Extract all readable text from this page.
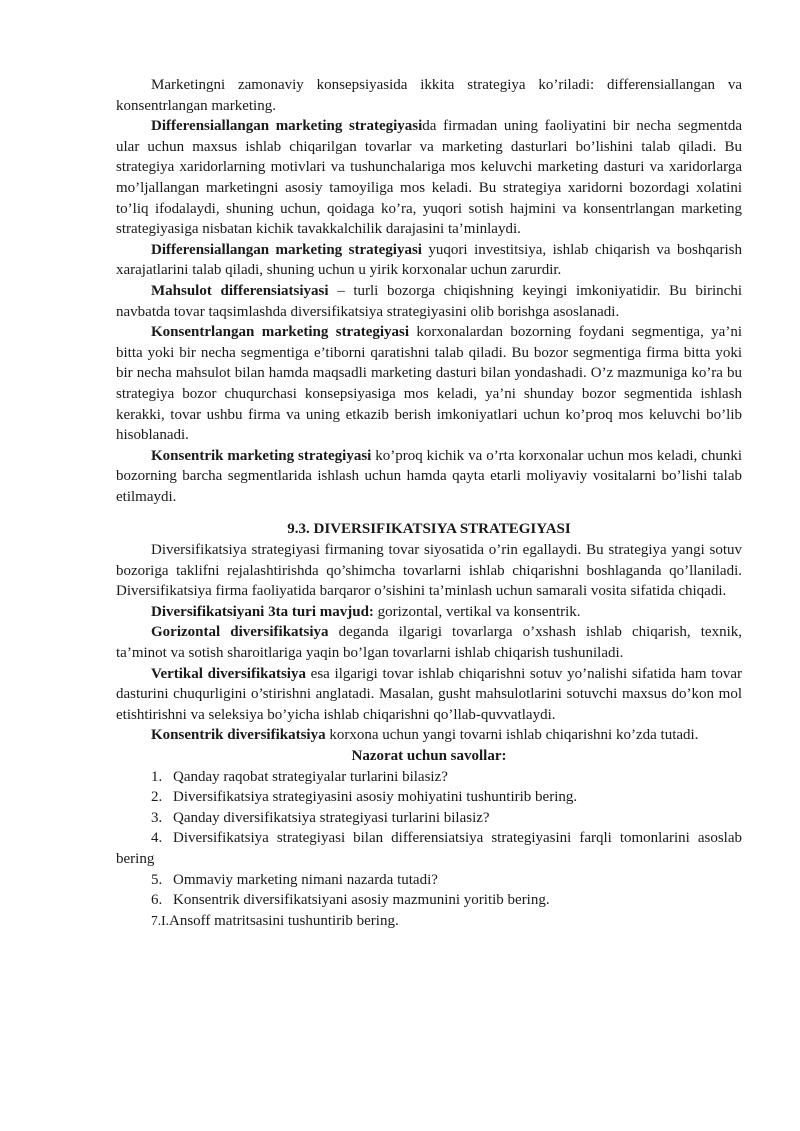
Marketingni zamonaviy konsepsiyasida ikkita strategiya ko’riladi: differensiallangan va konsentrlangan marketing.

Differensiallangan marketing strategiyasida firmadan uning faoliyatini bir necha segmentda ular uchun maxsus ishlab chiqarilgan tovarlar va marketing dasturlari bo’lishini talab qiladi. Bu strategiya xaridorlarning motivlari va tushunchalariga mos keluvchi marketing dasturi va xaridorlarga mo’ljallangan marketingni asosiy tamoyiliga mos keladi. Bu strategiya xaridorni bozordagi xolatini to’liq ifodalaydi, shuning uchun, qoidaga ko’ra, yuqori sotish hajmini va konsentrlangan marketing strategiyasiga nisbatan kichik tavakkalchilik darajasini ta’minlaydi.

Differensiallangan marketing strategiyasi yuqori investitsiya, ishlab chiqarish va boshqarish xarajatlarini talab qiladi, shuning uchun u yirik korxonalar uchun zarurdir.

Mahsulot differensiatsiyasi – turli bozorga chiqishning keyingi imkoniyatidir. Bu birinchi navbatda tovar taqsimlashda diversifikatsiya strategiyasini olib borishga asoslanadi.

Konsentrlangan marketing strategiyasi korxonalardan bozorning foydani segmentiga, ya’ni bitta yoki bir necha segmentiga e’tiborni qaratishni talab qiladi. Bu bozor segmentiga firma bitta yoki bir necha mahsulot bilan hamda maqsadli marketing dasturi bilan yondashadi. O’z mazmuniga ko’ra bu strategiya bozor chuqurchasi konsepsiyasiga mos keladi, ya’ni shunday bozor segmentida ishlash kerakki, tovar ushbu firma va uning etkazib berish imkoniyatlari uchun ko’proq mos keluvchi bo’lib hisoblanadi.

Konsentrik marketing strategiyasi ko’proq kichik va o’rta korxonalar uchun mos keladi, chunki bozorning barcha segmentlarida ishlash uchun hamda qayta etarli moliyaviy vositalarni bo’lishi talab etilmaydi.

9.3. DIVERSIFIKATSIYA STRATEGIYASI

Diversifikatsiya strategiyasi firmaning tovar siyosatida o’rin egallaydi. Bu strategiya yangi sotuv bozoriga taklifni rejalashtirishda qo’shimcha tovarlarni ishlab chiqarishni boshlaganda qo’llaniladi. Diversifikatsiya firma faoliyatida barqaror o’sishini ta’minlash uchun samarali vosita sifatida chiqadi.

Diversifikatsiyani 3ta turi mavjud: gorizontal, vertikal va konsentrik.

Gorizontal diversifikatsiya deganda ilgarigi tovarlarga o’xshash ishlab chiqarish, texnik, ta’minot va sotish sharoitlariga yaqin bo’lgan tovarlarni ishlab chiqarish tushuniladi.

Vertikal diversifikatsiya esa ilgarigi tovar ishlab chiqarishni sotuv yo’nalishi sifatida ham tovar dasturini chuqurligini o’stirishni anglatadi. Masalan, gusht mahsulotlarini sotuvchi maxsus do’kon mol etishtirishni va seleksiya bo’yicha ishlab chiqarishni qo’llab-quvvatlaydi.

Konsentrik diversifikatsiya korxona uchun yangi tovarni ishlab chiqarishni ko’zda tutadi.

Nazorat uchun savollar:
1. Qanday raqobat strategiyalar turlarini bilasiz?
2. Diversifikatsiya strategiyasini asosiy mohiyatini tushuntirib bering.
3. Qanday diversifikatsiya strategiyasi turlarini bilasiz?
4. Diversifikatsiya strategiyasi bilan differensiatsiya strategiyasini farqli tomonlarini asoslab bering
5. Ommaviy marketing nimani nazarda tutadi?
6. Konsentrik diversifikatsiyani asosiy mazmunini yoritib bering.
7.I.Ansoff matritsasini tushuntirib bering.
